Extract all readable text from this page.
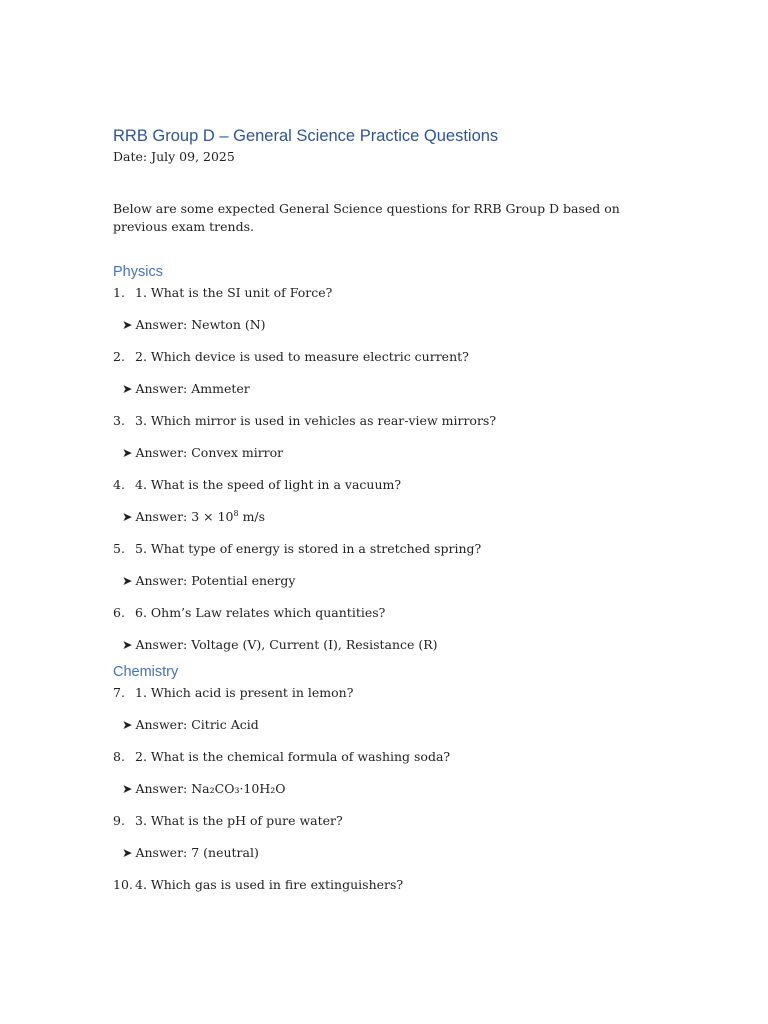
RRB Group D – General Science Practice Questions
Date: July 09, 2025
Below are some expected General Science questions for RRB Group D based on previous exam trends.
Physics
1. 1. What is the SI unit of Force?
➤ Answer: Newton (N)
2. 2. Which device is used to measure electric current?
➤ Answer: Ammeter
3. 3. Which mirror is used in vehicles as rear-view mirrors?
➤ Answer: Convex mirror
4. 4. What is the speed of light in a vacuum?
➤ Answer: $3 \times 10^8$ m/s
5. 5. What type of energy is stored in a stretched spring?
➤ Answer: Potential energy
6. 6. Ohm’s Law relates which quantities?
➤ Answer: Voltage (V), Current (I), Resistance (R)
Chemistry
7. 1. Which acid is present in lemon?
➤ Answer: Citric Acid
8. 2. What is the chemical formula of washing soda?
➤ Answer: Na₂CO₃·10H₂O
9. 3. What is the pH of pure water?
➤ Answer: 7 (neutral)
10. 4. Which gas is used in fire extinguishers?
